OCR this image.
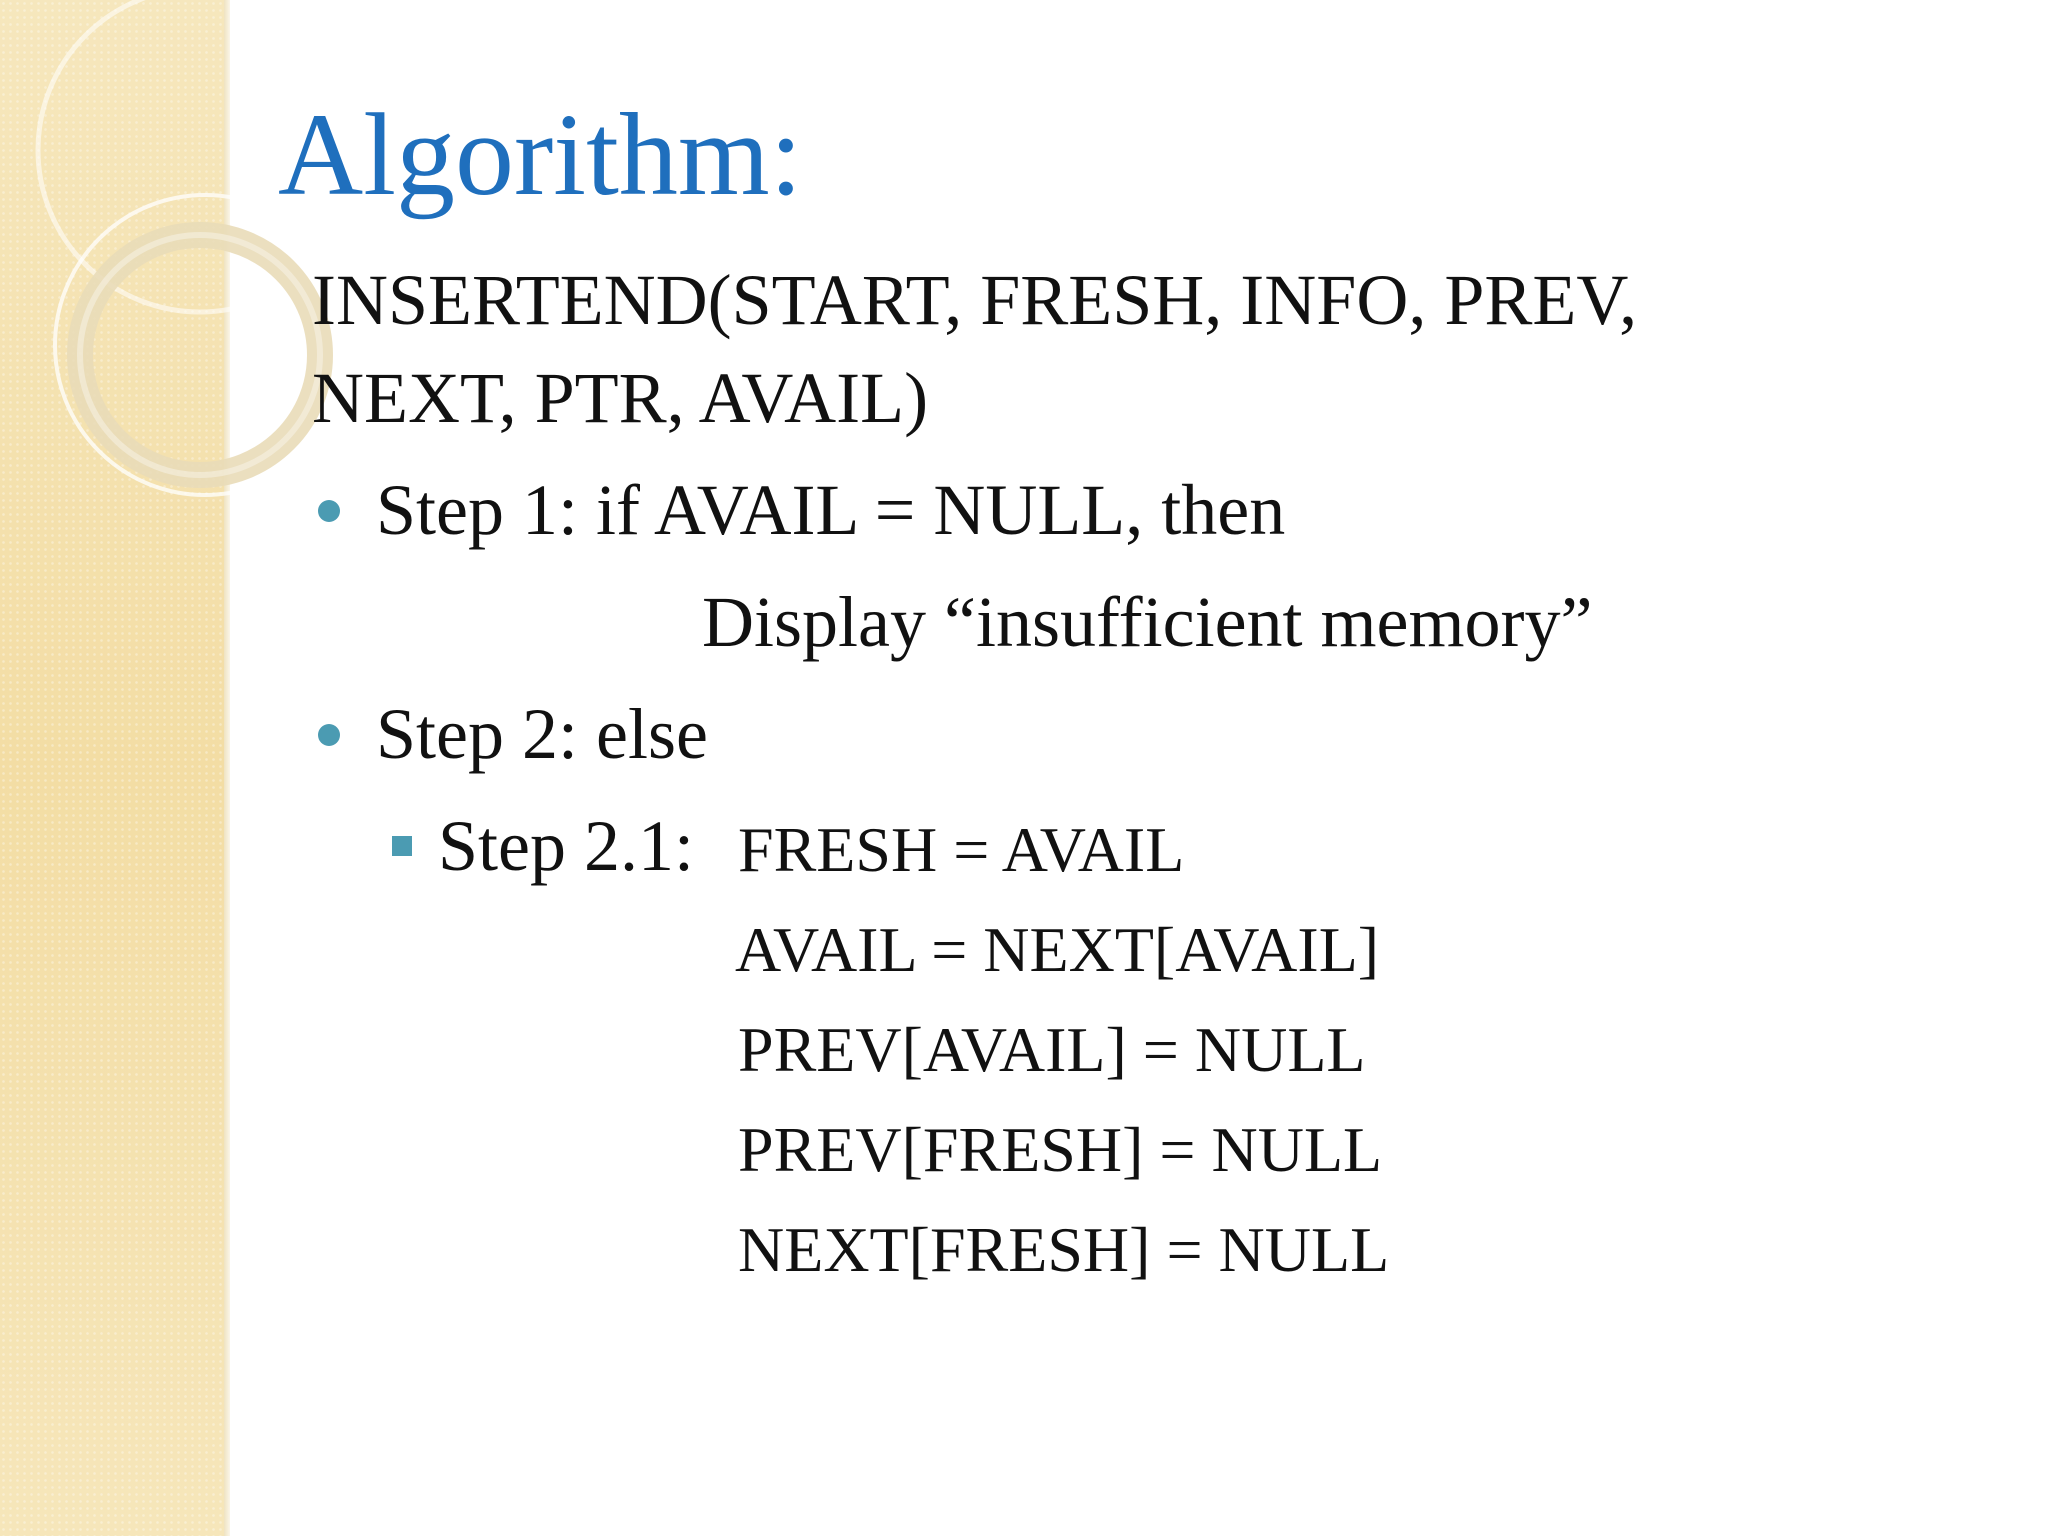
Algorithm:
INSERTEND(START, FRESH, INFO, PREV,
NEXT, PTR, AVAIL)
Step 1: if AVAIL = NULL, then
Display “insufficient memory”
Step 2: else
Step 2.1: FRESH = AVAIL
AVAIL = NEXT[AVAIL]
PREV[AVAIL] = NULL
PREV[FRESH] = NULL
NEXT[FRESH] = NULL
